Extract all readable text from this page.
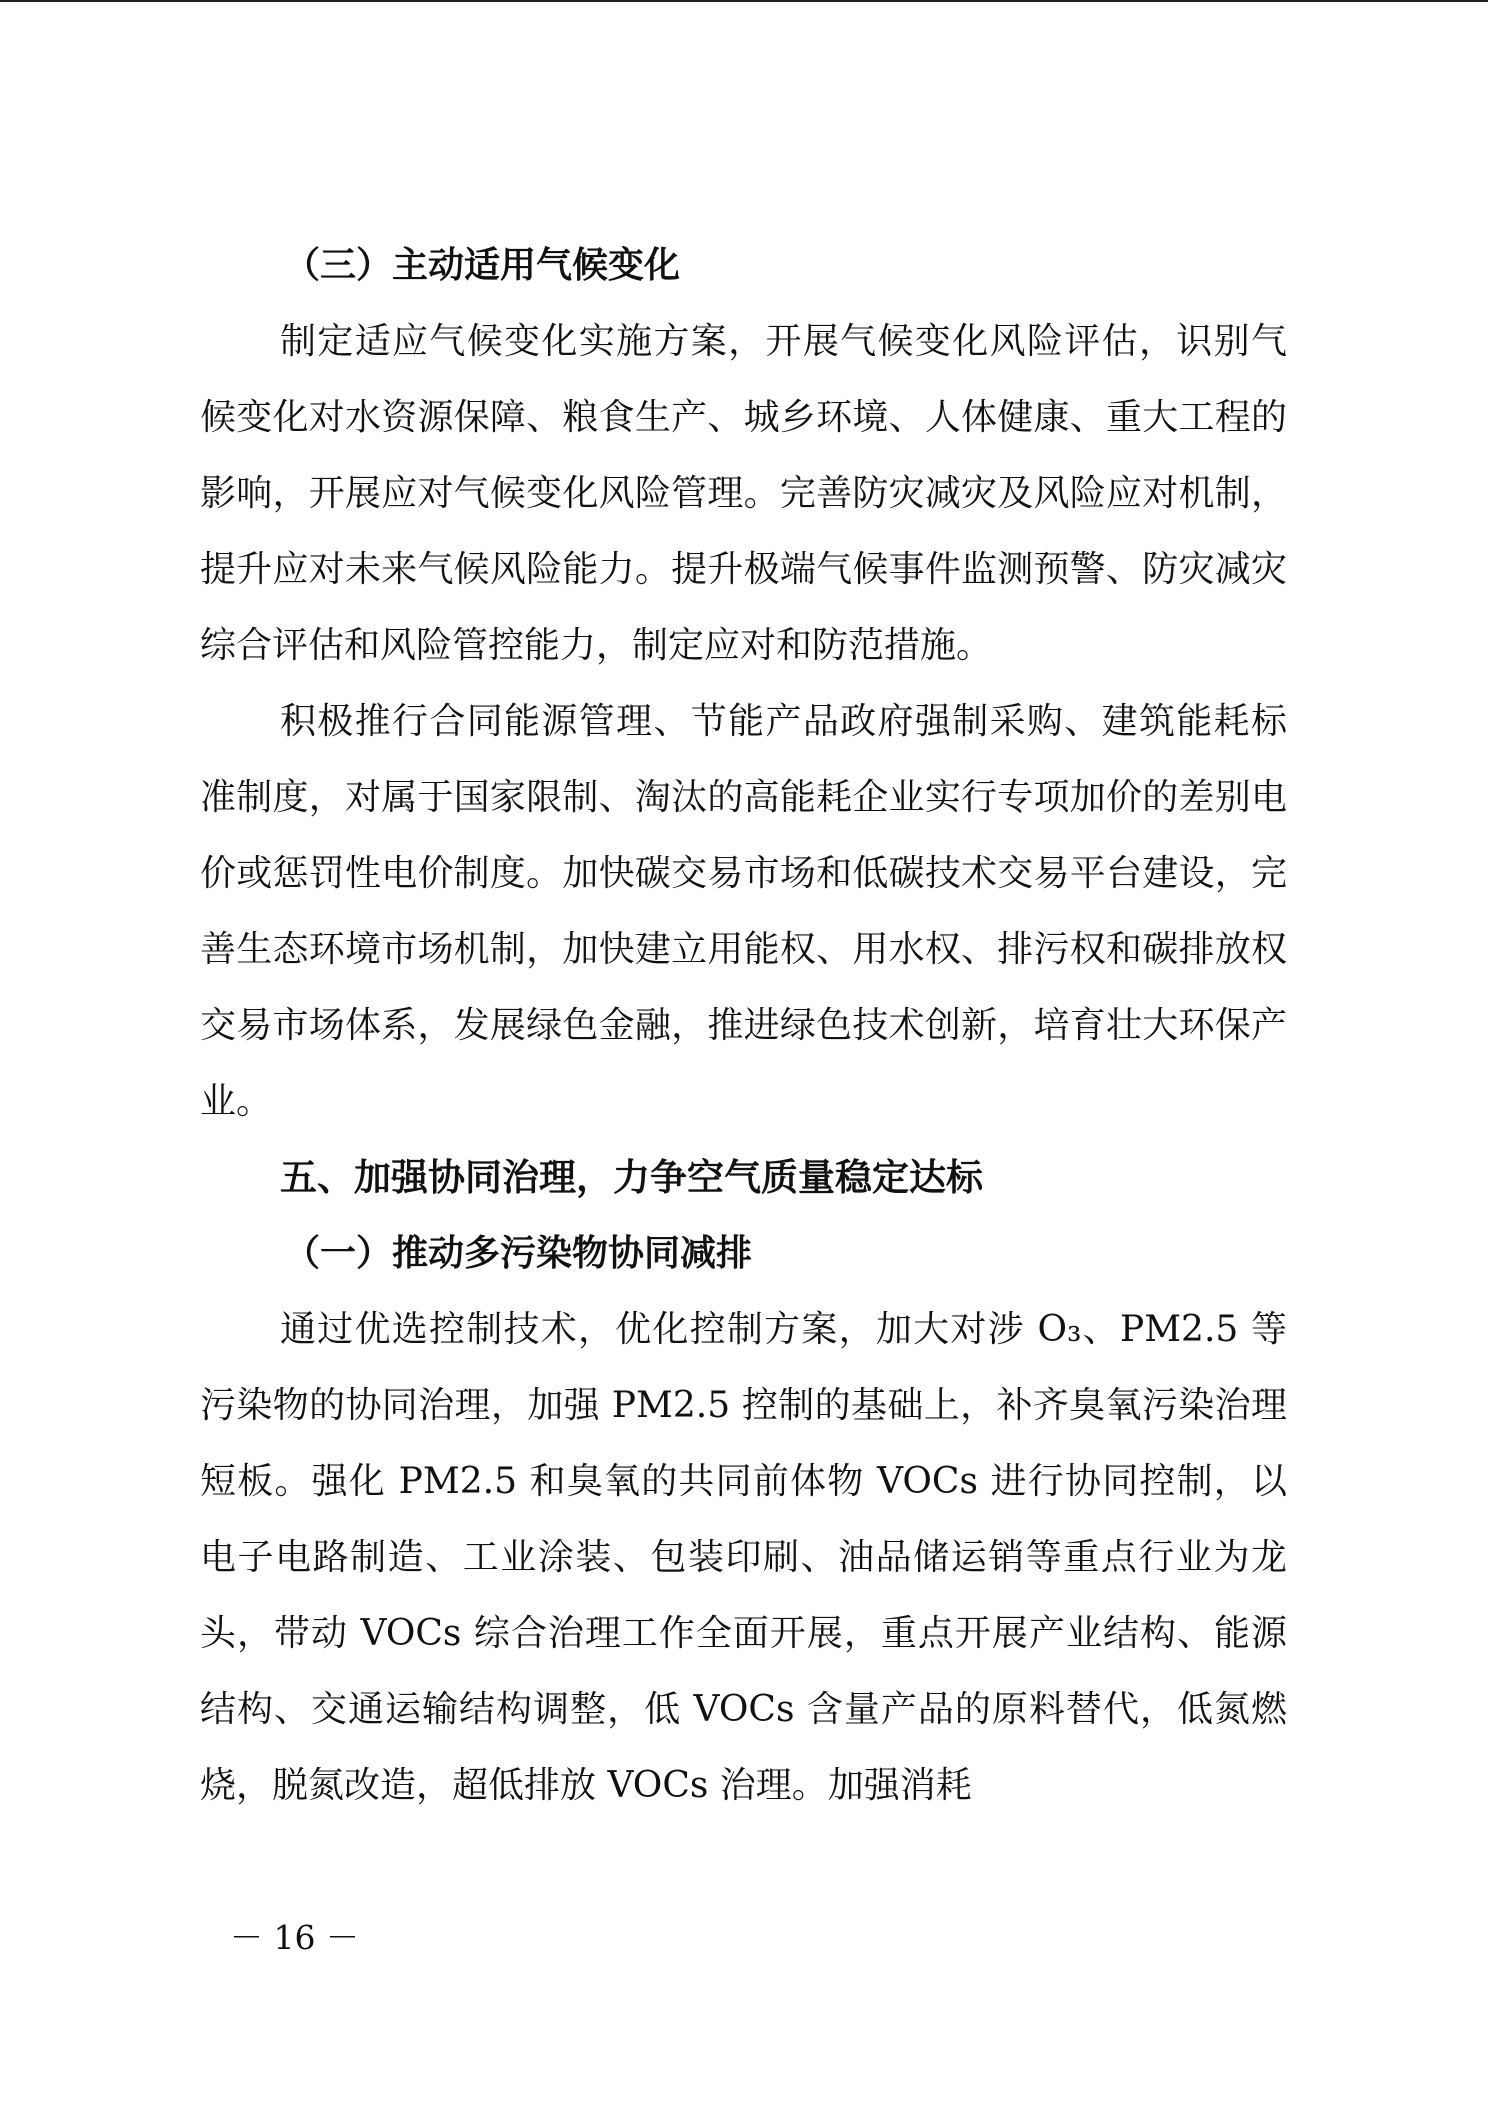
（三）主动适用气候变化

制定适应气候变化实施方案，开展气候变化风险评估，识别气候变化对水资源保障、粮食生产、城乡环境、人体健康、重大工程的影响，开展应对气候变化风险管理。完善防灾减灾及风险应对机制，提升应对未来气候风险能力。提升极端气候事件监测预警、防灾减灾综合评估和风险管控能力，制定应对和防范措施。

积极推行合同能源管理、节能产品政府强制采购、建筑能耗标准制度，对属于国家限制、淘汰的高能耗企业实行专项加价的差别电价或惩罚性电价制度。加快碳交易市场和低碳技术交易平台建设，完善生态环境市场机制，加快建立用能权、用水权、排污权和碳排放权交易市场体系，发展绿色金融，推进绿色技术创新，培育壮大环保产业。

五、加强协同治理，力争空气质量稳定达标
（一）推动多污染物协同减排

通过优选控制技术，优化控制方案，加大对涉 O₃、PM2.5 等污染物的协同治理，加强 PM2.5 控制的基础上，补齐臭氧污染治理短板。强化 PM2.5 和臭氧的共同前体物 VOCs 进行协同控制，以电子电路制造、工业涂装、包装印刷、油品储运销等重点行业为龙头，带动 VOCs 综合治理工作全面开展，重点开展产业结构、能源结构、交通运输结构调整，低 VOCs 含量产品的原料替代，低氮燃烧，脱氮改造，超低排放 VOCs 治理。加强消耗

－ 16 －
